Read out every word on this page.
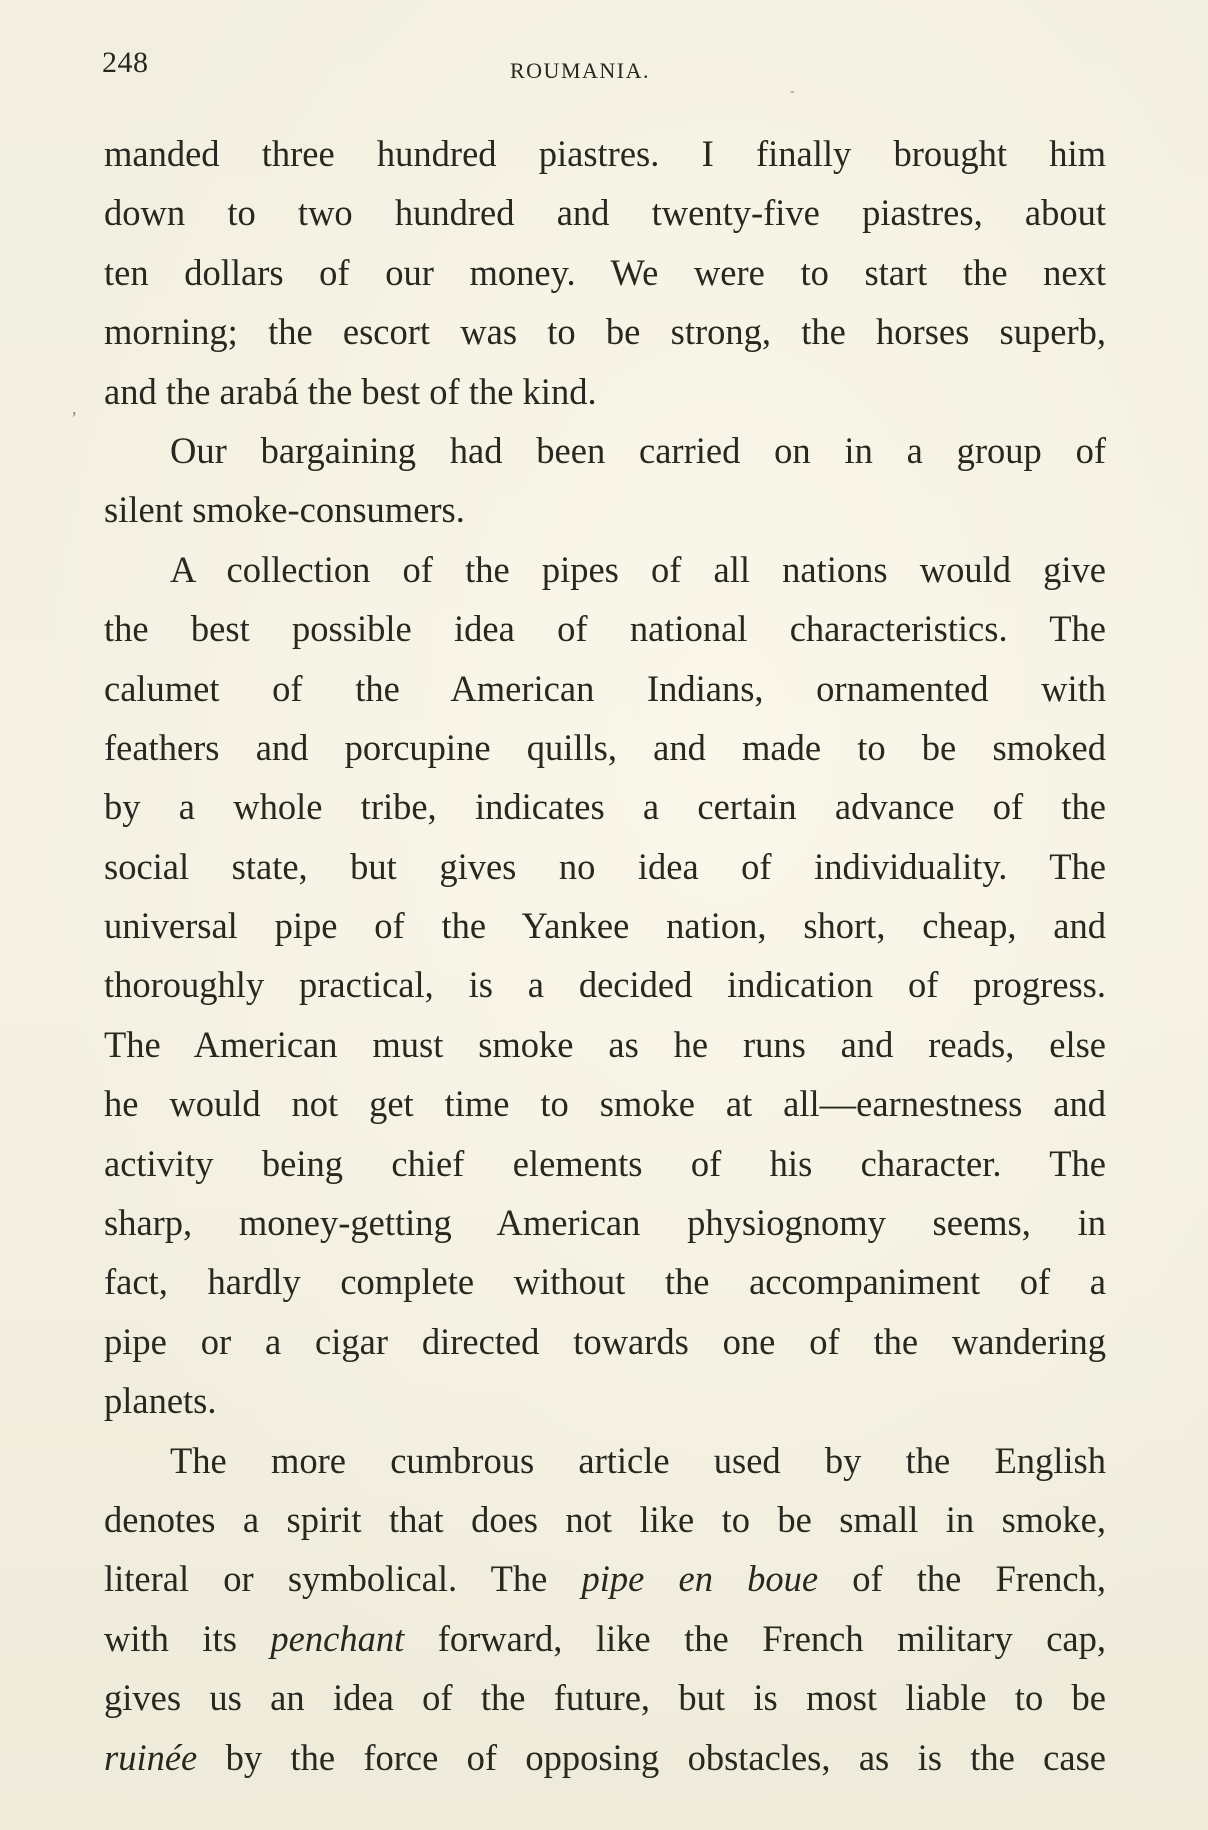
248	ROUMANIA.
manded three hundred piastres. I finally brought him
down to two hundred and twenty-five piastres, about
ten dollars of our money. We were to start the next
morning; the escort was to be strong, the horses superb,
and the arabá the best of the kind.
Our bargaining had been carried on in a group of
silent smoke-consumers.
A collection of the pipes of all nations would give
the best possible idea of national characteristics. The
calumet of the American Indians, ornamented with
feathers and porcupine quills, and made to be smoked
by a whole tribe, indicates a certain advance of the
social state, but gives no idea of individuality. The
universal pipe of the Yankee nation, short, cheap, and
thoroughly practical, is a decided indication of progress.
The American must smoke as he runs and reads, else
he would not get time to smoke at all—earnestness and
activity being chief elements of his character. The
sharp, money-getting American physiognomy seems, in
fact, hardly complete without the accompaniment of a
pipe or a cigar directed towards one of the wandering
planets.
The more cumbrous article used by the English
denotes a spirit that does not like to be small in smoke,
literal or symbolical. The pipe en boue of the French,
with its penchant forward, like the French military cap,
gives us an idea of the future, but is most liable to be
ruinée by the force of opposing obstacles, as is the case
,
-
